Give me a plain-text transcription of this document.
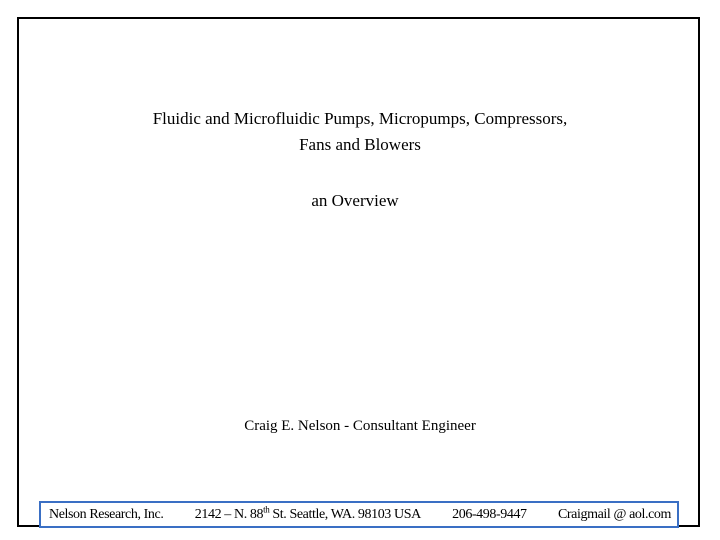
Fluidic and Microfluidic Pumps, Micropumps, Compressors,
Fans and Blowers
an Overview

Craig E. Nelson - Consultant Engineer

Nelson Research, Inc. 2142 – N. 88th St. Seattle, WA. 98103 USA 206-498-9447 Craigmail @ aol.com
